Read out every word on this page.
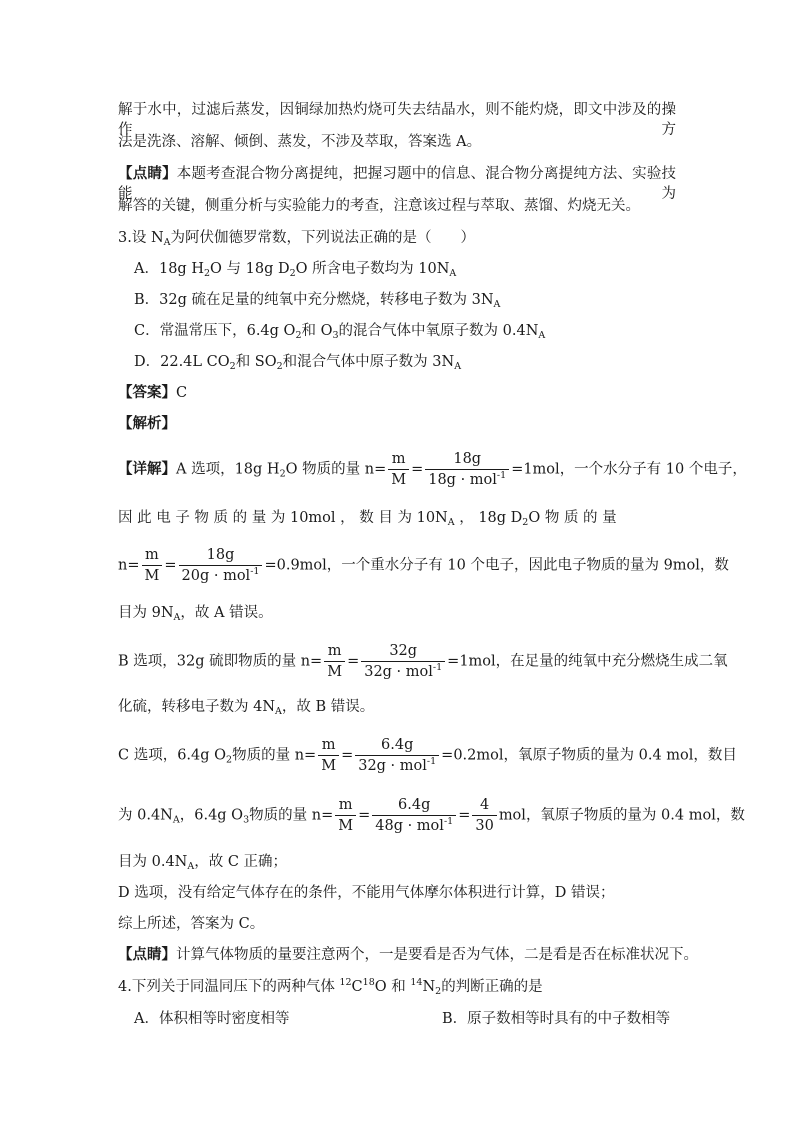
解于水中，过滤后蒸发，因铜绿加热灼烧可失去结晶水，则不能灼烧，即文中涉及的操作方
法是洗涤、溶解、倾倒、蒸发，不涉及萃取，答案选 A。
【点睛】本题考查混合物分离提纯，把握习题中的信息、混合物分离提纯方法、实验技能为
解答的关键，侧重分析与实验能力的考查，注意该过程与萃取、蒸馏、灼烧无关。
3.设 $N_A$为阿伏伽德罗常数，下列说法正确的是（　　）
A．18g $H_2O$ 与 18g $D_2O$ 所含电子数均为 $10N_A$
B．32g 硫在足量的纯氧中充分燃烧，转移电子数为 $3N_A$
C．常温常压下，6.4g $O_2$和 $O_3$的混合气体中氧原子数为 $0.4N_A$
D．22.4L $CO_2$和 $SO_2$和混合气体中原子数为 $3N_A$
【答案】C
【解析】
【详解】A 选项，18g $H_2O$ 物质的量 $n= \frac{m}{M} = \frac{18g}{18g \cdot mol^{-1}} =1mol$，一个水分子有 10 个电子，
因 此 电 子 物 质 的 量 为 10mol ， 数 目 为 $10N_A$ ， 18g $D_2O$ 物 质 的 量
$n= \frac{m}{M} = \frac{18g}{20g \cdot mol^{-1}} =0.9mol$，一个重水分子有 10 个电子，因此电子物质的量为 9mol，数
目为 $9N_A$，故 A 错误。
B 选项，32g 硫即物质的量 $n= \frac{m}{M} = \frac{32g}{32g \cdot mol^{-1}} =1mol$，在足量的纯氧中充分燃烧生成二氧
化硫，转移电子数为 $4N_A$，故 B 错误。
C 选项，6.4g $O_2$物质的量 $n= \frac{m}{M} = \frac{6.4g}{32g \cdot mol^{-1}} =0.2mol$，氧原子物质的量为 0.4 mol，数目
为 $0.4N_A$，6.4g $O_3$物质的量 $n= \frac{m}{M} = \frac{6.4g}{48g \cdot mol^{-1}} = \frac{4}{30}$ mol，氧原子物质的量为 0.4 mol，数
目为 $0.4N_A$，故 C 正确；
D 选项，没有给定气体存在的条件，不能用气体摩尔体积进行计算，D 错误；
综上所述，答案为 C。
【点睛】计算气体物质的量要注意两个，一是要看是否为气体，二是看是否在标准状况下。
4.下列关于同温同压下的两种气体 $^{12}C^{18}O$ 和 $^{14}N_2$的判断正确的是
A．体积相等时密度相等	B．原子数相等时具有的中子数相等
